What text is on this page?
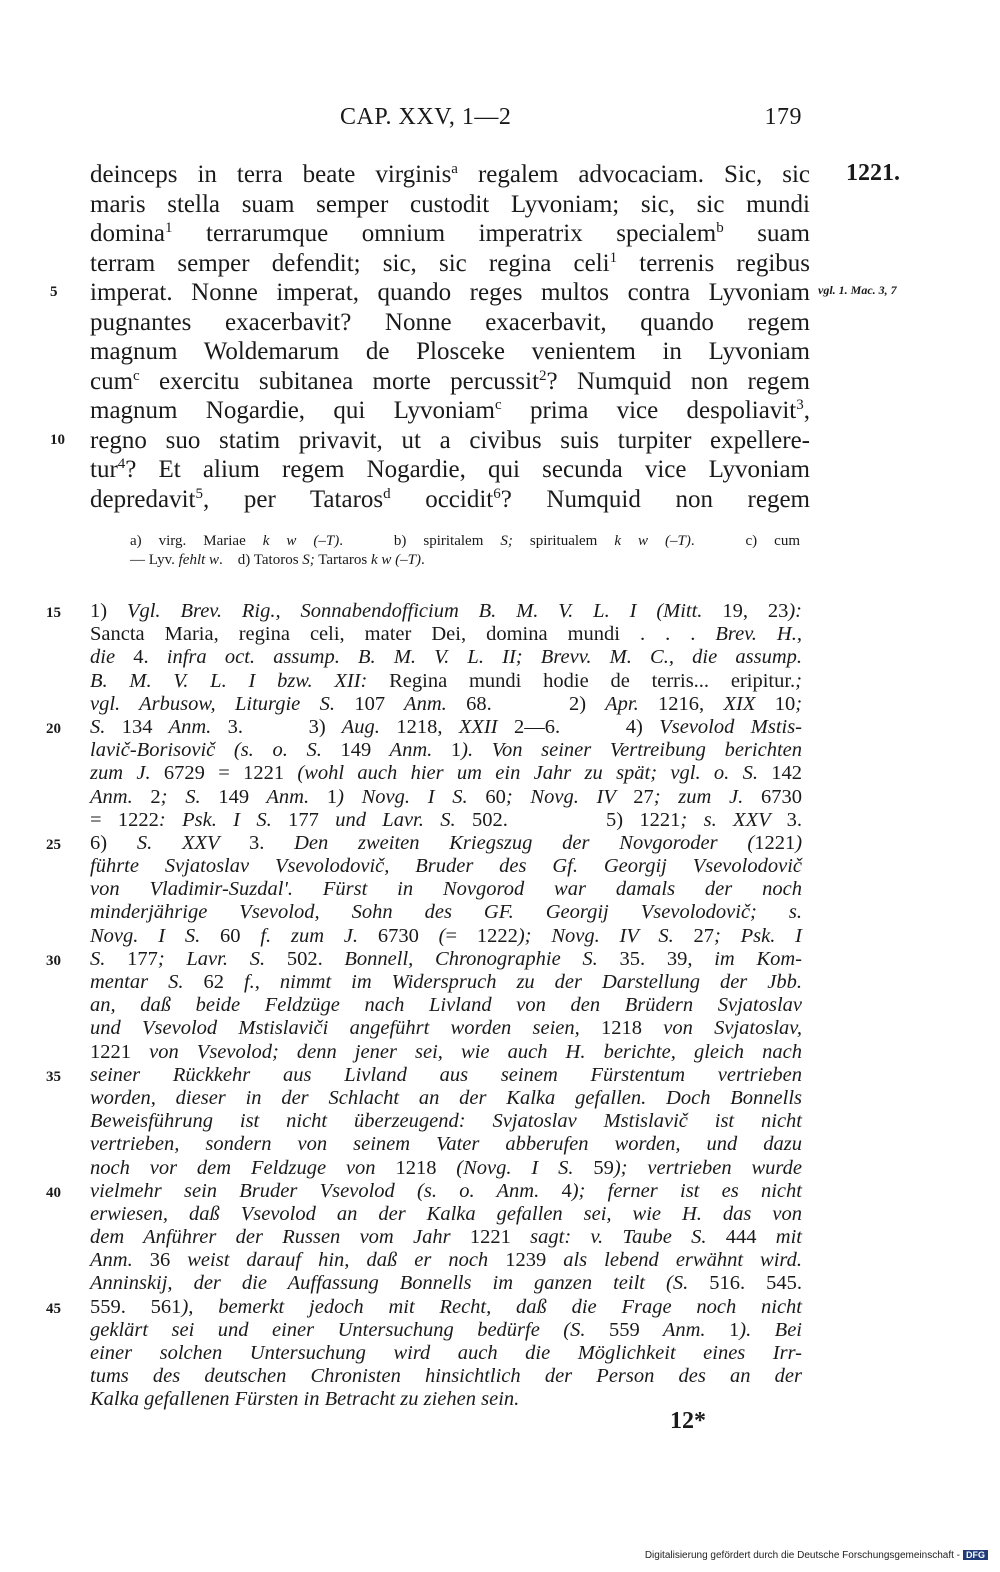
CAP. XXV, 1—2	179
1221.
vgl. 1. Mac. 3, 7
deinceps in terra beate virginis$^a$ regalem advocaciam. Sic, sic
maris stella suam semper custodit Lyvoniam; sic, sic mundi
domina$^1$ terrarumque omnium imperatrix specialem$^b$ suam
terram semper defendit; sic, sic regina celi$^1$ terrenis regibus
imperat. Nonne imperat, quando reges multos contra Lyvoniam
5
pugnantes exacerbavit? Nonne exacerbavit, quando regem
magnum Woldemarum de Plosceke venientem in Lyvoniam
cum$^c$ exercitu subitanea morte percussit$^2$? Numquid non regem
magnum Nogardie, qui Lyvoniam$^c$ prima vice despoliavit$^3$,
regno suo statim privavit, ut a civibus suis turpiter expellere-
10
tur$^4$? Et alium regem Nogardie, qui secunda vice Lyvoniam
depredavit$^5$, per Tataros$^d$ occidit$^6$? Numquid non regem
a) virg. Mariae k w (–T).   b) spiritalem S; spiritualem k w (–T).   c) cum
— Lyv. fehlt w.    d) Tatoros S; Tartaros k w (–T).
1) Vgl. Brev. Rig., Sonnabendofficium B. M. V. L. I (Mitt. 19, 23):
15
Sancta Maria, regina celi, mater Dei, domina mundi . . . Brev. H.,
die 4. infra oct. assump. B. M. V. L. II; Brevv. M. C., die assump.
B. M. V. L. I bzw. XII: Regina mundi hodie de terris... eripitur.;
vgl. Arbusow, Liturgie S. 107 Anm. 68.    2) Apr. 1216, XIX 10;
S. 134 Anm. 3.    3) Aug. 1218, XXII 2—6.    4) Vsevolod Mstis-
20
lavič-Borisovič (s. o. S. 149 Anm. 1). Von seiner Vertreibung berichten
zum J. 6729 = 1221 (wohl auch hier um ein Jahr zu spät; vgl. o. S. 142
Anm. 2; S. 149 Anm. 1) Novg. I S. 60; Novg. IV 27; zum J. 6730
= 1222: Psk. I S. 177 und Lavr. S. 502.      5) 1221; s. XXV 3.
6) S. XXV 3. Den zweiten Kriegszug der Novgoroder (1221)
25
führte Svjatoslav Vsevolodovič, Bruder des Gf. Georgij Vsevolodovič
von Vladimir-Suzdal'. Fürst in Novgorod war damals der noch
minderjährige Vsevolod, Sohn des GF. Georgij Vsevolodovič; s.
Novg. I S. 60 f. zum J. 6730 (= 1222); Novg. IV S. 27; Psk. I
S. 177; Lavr. S. 502. Bonnell, Chronographie S. 35. 39, im Kom-
30
mentar S. 62 f., nimmt im Widerspruch zu der Darstellung der Jbb.
an, daß beide Feldzüge nach Livland von den Brüdern Svjatoslav
und Vsevolod Mstislaviči angeführt worden seien, 1218 von Svjatoslav,
1221 von Vsevolod; denn jener sei, wie auch H. berichte, gleich nach
seiner Rückkehr aus Livland aus seinem Fürstentum vertrieben
35
worden, dieser in der Schlacht an der Kalka gefallen. Doch Bonnells
Beweisführung ist nicht überzeugend: Svjatoslav Mstislavič ist nicht
vertrieben, sondern von seinem Vater abberufen worden, und dazu
noch vor dem Feldzuge von 1218 (Novg. I S. 59); vertrieben wurde
vielmehr sein Bruder Vsevolod (s. o. Anm. 4); ferner ist es nicht
40
erwiesen, daß Vsevolod an der Kalka gefallen sei, wie H. das von
dem Anführer der Russen vom Jahr 1221 sagt: v. Taube S. 444 mit
Anm. 36 weist darauf hin, daß er noch 1239 als lebend erwähnt wird.
Anninskij, der die Auffassung Bonnells im ganzen teilt (S. 516. 545.
559. 561), bemerkt jedoch mit Recht, daß die Frage noch nicht
45
geklärt sei und einer Untersuchung bedürfe (S. 559 Anm. 1). Bei
einer solchen Untersuchung wird auch die Möglichkeit eines Irr-
tums des deutschen Chronisten hinsichtlich der Person des an der
Kalka gefallenen Fürsten in Betracht zu ziehen sein.
12*
Digitalisierung gefördert durch die Deutsche Forschungsgemeinschaft - DFG
